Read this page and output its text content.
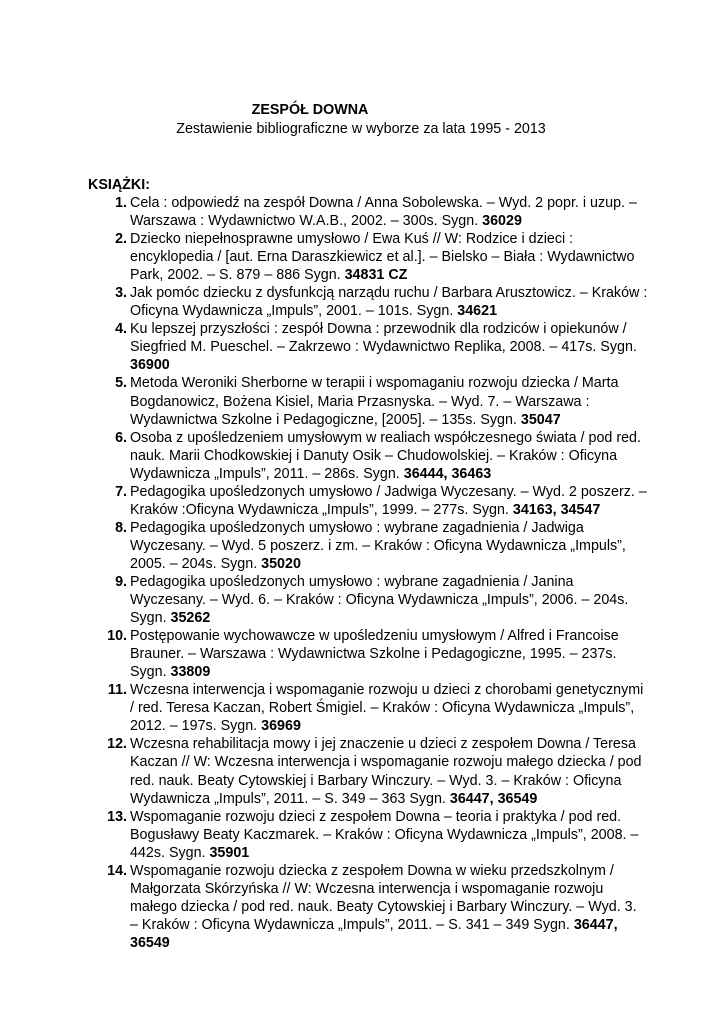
ZESPÓŁ DOWNA
Zestawienie bibliograficzne w wyborze za lata 1995 - 2013
KSIĄŻKI:
1. Cela : odpowiedź na zespół Downa / Anna Sobolewska. – Wyd. 2 popr. i uzup. – Warszawa : Wydawnictwo W.A.B., 2002. – 300s. Sygn. 36029
2. Dziecko niepełnosprawne umysłowo / Ewa Kuś // W: Rodzice i dzieci : encyklopedia / [aut. Erna Daraszkiewicz et al.]. – Bielsko – Biała : Wydawnictwo Park, 2002. – S. 879 – 886 Sygn. 34831 CZ
3. Jak pomóc dziecku z dysfunkcją narządu ruchu / Barbara Arusztowicz. – Kraków : Oficyna Wydawnicza „Impuls”, 2001. – 101s. Sygn. 34621
4. Ku lepszej przyszłości : zespół Downa : przewodnik dla rodziców i opiekunów / Siegfried M. Pueschel. – Zakrzewo : Wydawnictwo Replika, 2008. – 417s. Sygn. 36900
5. Metoda Weroniki Sherborne w terapii i wspomaganiu rozwoju dziecka / Marta Bogdanowicz, Bożena Kisiel, Maria Przasnyska. – Wyd. 7. – Warszawa : Wydawnictwa Szkolne i Pedagogiczne, [2005]. – 135s. Sygn. 35047
6. Osoba z upośledzeniem umysłowym w realiach współczesnego świata / pod red. nauk. Marii Chodkowskiej i Danuty Osik – Chudowolskiej. – Kraków : Oficyna Wydawnicza „Impuls”, 2011. – 286s. Sygn. 36444, 36463
7. Pedagogika upośledzonych umysłowo / Jadwiga Wyczesany. – Wyd. 2 poszerz. – Kraków :Oficyna Wydawnicza „Impuls”, 1999. – 277s. Sygn. 34163, 34547
8. Pedagogika upośledzonych umysłowo : wybrane zagadnienia / Jadwiga Wyczesany. – Wyd. 5 poszerz. i zm. – Kraków : Oficyna Wydawnicza „Impuls”, 2005. – 204s. Sygn. 35020
9. Pedagogika upośledzonych umysłowo : wybrane zagadnienia / Janina Wyczesany. – Wyd. 6. – Kraków : Oficyna Wydawnicza „Impuls”, 2006. – 204s. Sygn. 35262
10. Postępowanie wychowawcze w upośledzeniu umysłowym / Alfred i Francoise Brauner. – Warszawa : Wydawnictwa Szkolne i Pedagogiczne, 1995. – 237s. Sygn. 33809
11. Wczesna interwencja i wspomaganie rozwoju u dzieci z chorobami genetycznymi / red. Teresa Kaczan, Robert Śmigiel. – Kraków : Oficyna Wydawnicza „Impuls”, 2012. – 197s. Sygn. 36969
12. Wczesna rehabilitacja mowy i jej znaczenie u dzieci z zespołem Downa / Teresa Kaczan // W: Wczesna interwencja i wspomaganie rozwoju małego dziecka / pod red. nauk. Beaty Cytowskiej i Barbary Winczury. – Wyd. 3. – Kraków : Oficyna Wydawnicza „Impuls”, 2011. – S. 349 – 363 Sygn. 36447, 36549
13. Wspomaganie rozwoju dzieci z zespołem Downa – teoria i praktyka / pod red. Bogusławy Beaty Kaczmarek. – Kraków : Oficyna Wydawnicza „Impuls”, 2008. – 442s. Sygn. 35901
14. Wspomaganie rozwoju dziecka z zespołem Downa w wieku przedszkolnym / Małgorzata Skórzyńska // W: Wczesna interwencja i wspomaganie rozwoju małego dziecka / pod red. nauk. Beaty Cytowskiej i Barbary Winczury. – Wyd. 3. – Kraków : Oficyna Wydawnicza „Impuls”, 2011. – S. 341 – 349 Sygn. 36447, 36549
